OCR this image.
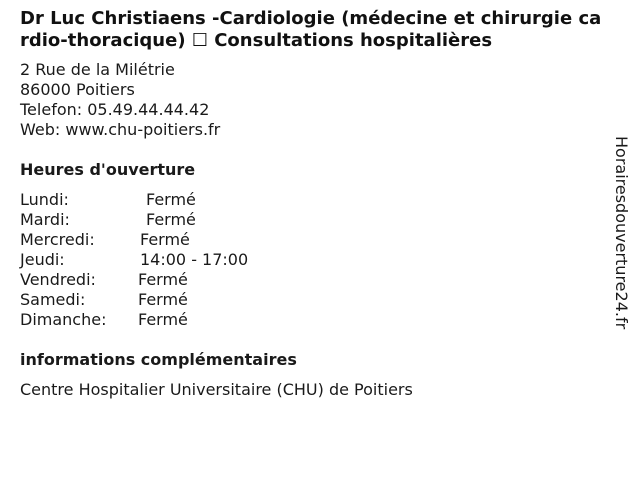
Dr Luc Christiaens -Cardiologie (médecine et chirurgie cardio-thoracique) ☐ Consultations hospitalières
2 Rue de la Milétrie
86000 Poitiers
Telefon: 05.49.44.44.42
Web: www.chu-poitiers.fr
Heures d'ouverture
Lundi:	Fermé
Mardi:	Fermé
Mercredi:	Fermé
Jeudi:	14:00 - 17:00
Vendredi:	Fermé
Samedi:	Fermé
Dimanche:	Fermé
informations complémentaires
Centre Hospitalier Universitaire (CHU) de Poitiers
Horairesdouverture24.fr
